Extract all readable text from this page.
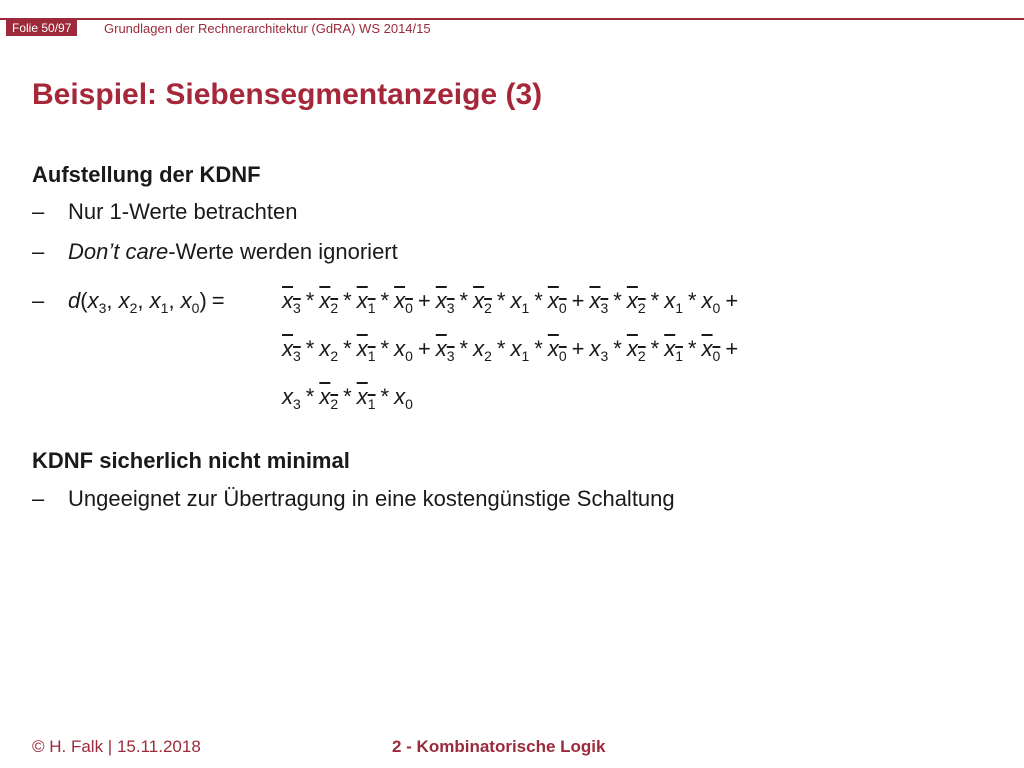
Folie 50/97	Grundlagen der Rechnerarchitektur (GdRA) WS 2014/15
Beispiel: Siebensegmentanzeige (3)
Aufstellung der KDNF
– Nur 1-Werte betrachten
– Don’t care-Werte werden ignoriert
– $d(x_3$, $x_2$, $x_1$, $x_0$) =	$x_3 * x_2 * x_1 * x_0 + x_3 * x_2 * x_1 * x_0 + x_3 * x_2 * x_1 * x_0$ +
$x_3 * x_2 * x_1 * x_0 + x_3 * x_2 * x_1 * x_0 + x_3 * x_2 * x_1 * x_0$ +
$x_3 * x_2 * x_1 * x_0$
KDNF sicherlich nicht minimal
– Ungeeignet zur Übertragung in eine kostengünstige Schaltung
© H. Falk | 15.11.2018	2 - Kombinatorische Logik
